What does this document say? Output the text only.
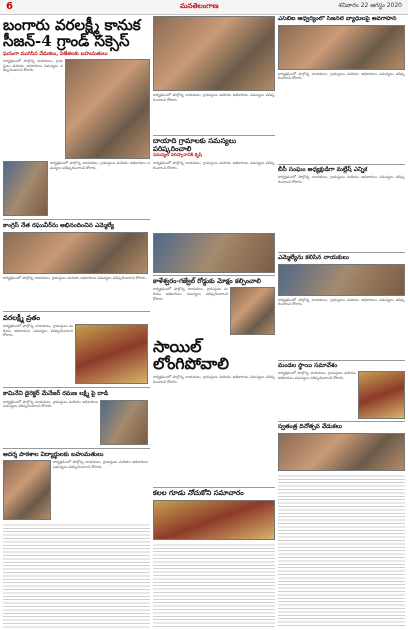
6	మనతెలంగాణ	శనివారం 22 ఆగస్టు 2020
బంగారు వరలక్ష్మీ కానుక సీజన్‌-4 గ్రాండ్‌ సక్సెస్‌
ఘనంగా ముగిసిన వేడుకలు, విజేతలకు బహుమతులు
కార్యక్రమంలో పాల్గొన్న నాయకులు, గ్రామస్తులు మరియు అధికారులు సమస్యలు పరిష్కరించాలని కోరారు.
కార్యక్రమంలో పాల్గొన్న నాయకులు, గ్రామస్తులు మరియు అధికారులు సమస్యలు పరిష్కరించాలని కోరారు.
కాంగ్రెస్‌ నేత రఘువీర్‌ను అభినందించిన ఎమ్మెల్యే
కార్యక్రమంలో పాల్గొన్న నాయకులు, గ్రామస్తులు మరియు అధికారులు సమస్యలు పరిష్కరించాలని కోరారు.
వరలక్ష్మీ వ్రతం
కార్యక్రమంలో పాల్గొన్న నాయకులు, గ్రామస్తులు మరియు అధికారులు సమస్యలు పరిష్కరించాలని కోరారు.
కామినేని డైరెక్టర్‌ మేనేజర్‌ రమణ లక్ష్మి పై దాడి
కార్యక్రమంలో పాల్గొన్న నాయకులు, గ్రామస్తులు మరియు అధికారులు సమస్యలు పరిష్కరించాలని కోరారు.
ఆదర్శ పాఠశాల విద్యార్థులకు బహుమతులు
కార్యక్రమంలో పాల్గొన్న నాయకులు, గ్రామస్తులు మరియు అధికారులు సమస్యలు పరిష్కరించాలని కోరారు.
కార్యక్రమంలో పాల్గొన్న నాయకులు, గ్రామస్తులు మరియు అధికారులు సమస్యలు పరిష్కరించాలని కోరారు.
దాయాది గ్రామాలకు సమస్యలు పరిష్కరించాలి
సమస్యల పరిష్కారానికి కృషి
కార్యక్రమంలో పాల్గొన్న నాయకులు, గ్రామస్తులు మరియు అధికారులు సమస్యలు పరిష్కరించాలని కోరారు.
కాళేశ్వరం-గజ్వేల్‌ రోడ్డుకు మోక్షం కల్పించాలి
కార్యక్రమంలో పాల్గొన్న నాయకులు, గ్రామస్తులు మరియు అధికారులు సమస్యలు పరిష్కరించాలని కోరారు.
సాయిల్‌ లోంగిపోవాలి
కార్యక్రమంలో పాల్గొన్న నాయకులు, గ్రామస్తులు మరియు అధికారులు సమస్యలు పరిష్కరించాలని కోరారు.
కలల గూడు నోచుకోని సమాచారం
ఎస్‌బిఐ ఆధ్వర్యంలో సీజనల్‌ వ్యాధులపై అవగాహన
కార్యక్రమంలో పాల్గొన్న నాయకులు, గ్రామస్తులు మరియు అధికారులు సమస్యలు పరిష్కరించాలని కోరారు.
బీసీ సంఘం అధ్యక్షుడిగా మల్లేష్‌ ఎన్నిక
కార్యక్రమంలో పాల్గొన్న నాయకులు, గ్రామస్తులు మరియు అధికారులు సమస్యలు పరిష్కరించాలని కోరారు.
ఎమ్మెల్యేను కలిసిన నాయకులు
కార్యక్రమంలో పాల్గొన్న నాయకులు, గ్రామస్తులు మరియు అధికారులు సమస్యలు పరిష్కరించాలని కోరారు.
మండల స్థాయి సమావేశం
కార్యక్రమంలో పాల్గొన్న నాయకులు, గ్రామస్తులు మరియు అధికారులు సమస్యలు పరిష్కరించాలని కోరారు.
స్వతంత్ర దినోత్సవ వేడుకలు
